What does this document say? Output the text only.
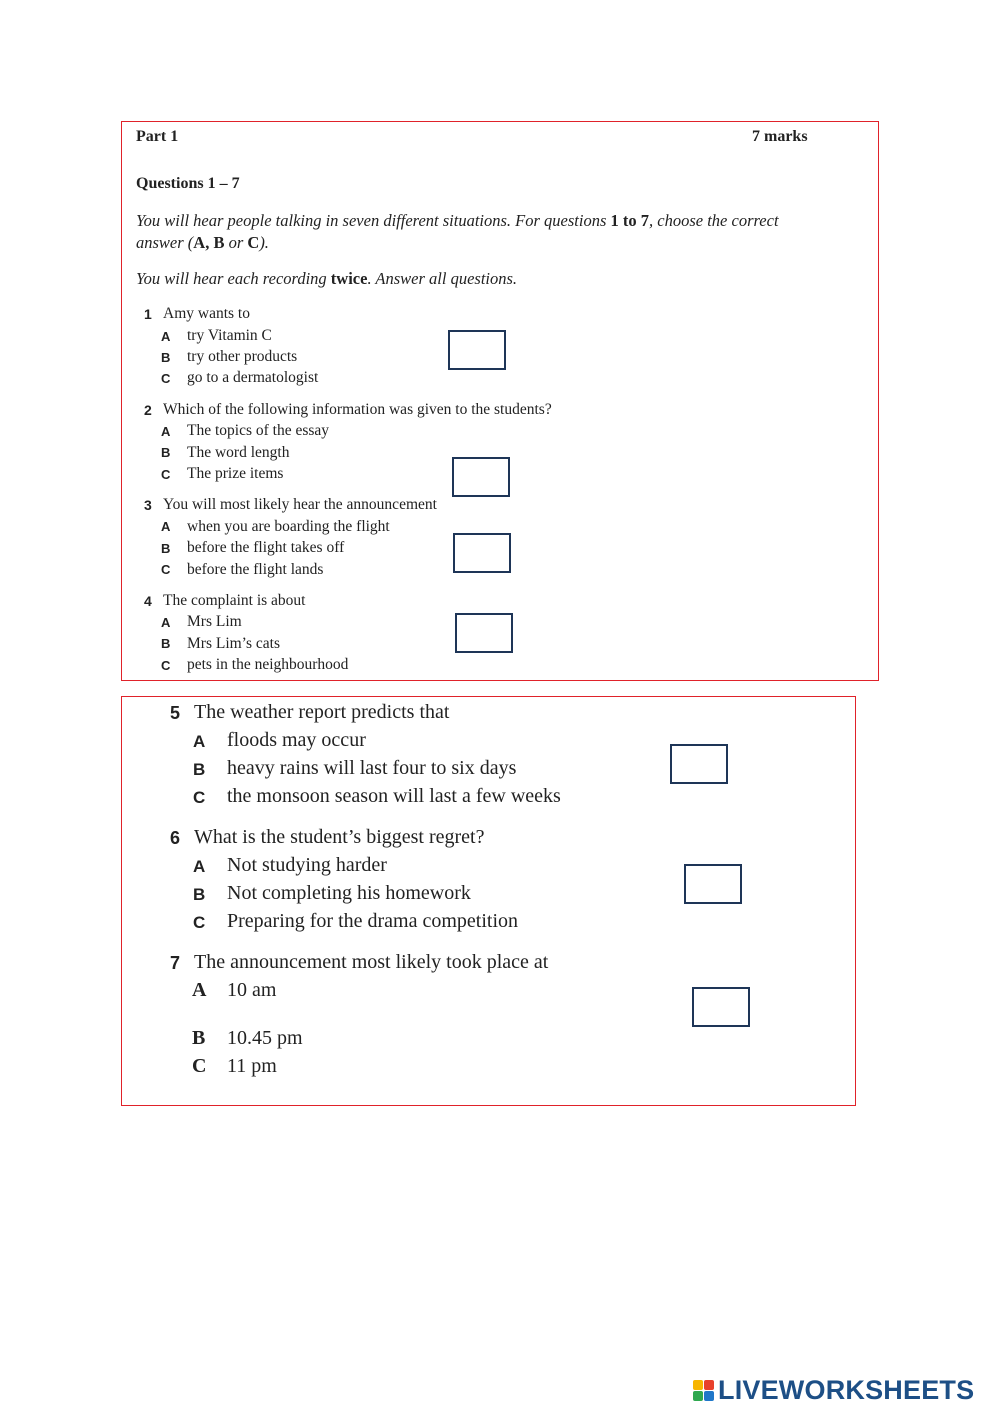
Part 1	7 marks
Questions 1 – 7
You will hear people talking in seven different situations. For questions 1 to 7, choose the correct
answer (A, B or C).
You will hear each recording twice. Answer all questions.
1 Amy wants to
A try Vitamin C
B try other products
C go to a dermatologist
2 Which of the following information was given to the students?
A The topics of the essay
B The word length
C The prize items
3 You will most likely hear the announcement
A when you are boarding the flight
B before the flight takes off
C before the flight lands
4 The complaint is about
A Mrs Lim
B Mrs Lim’s cats
C pets in the neighbourhood
5 The weather report predicts that
A floods may occur
B heavy rains will last four to six days
C the monsoon season will last a few weeks
6 What is the student’s biggest regret?
A Not studying harder
B Not completing his homework
C Preparing for the drama competition
7 The announcement most likely took place at
A 10 am
B 10.45 pm
C 11 pm
LIVEWORKSHEETS
